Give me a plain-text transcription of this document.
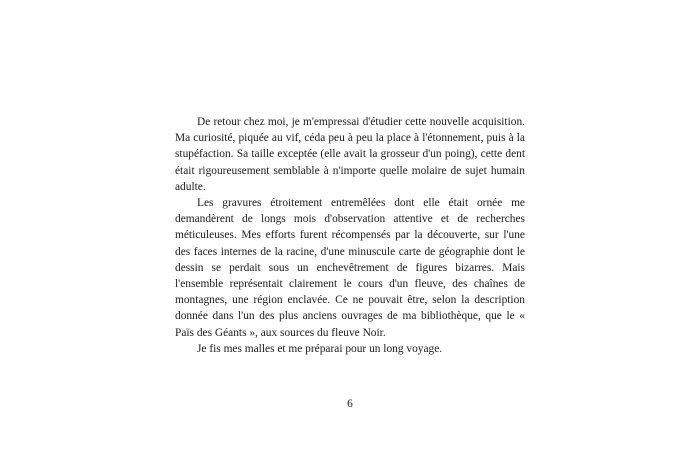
De retour chez moi, je m'empressai d'étudier cette nouvelle acquisition. Ma curiosité, piquée au vif, céda peu à peu la place à l'étonnement, puis à la stupéfaction. Sa taille exceptée (elle avait la grosseur d'un poing), cette dent était rigoureusement semblable à n'importe quelle molaire de sujet humain adulte.

Les gravures étroitement entremêlées dont elle était ornée me demandèrent de longs mois d'observation attentive et de recherches méticuleuses. Mes efforts furent récompensés par la découverte, sur l'une des faces internes de la racine, d'une minuscule carte de géographie dont le dessin se perdait sous un enchevêtrement de figures bizarres. Mais l'ensemble représentait clairement le cours d'un fleuve, des chaînes de montagnes, une région enclavée. Ce ne pouvait être, selon la description donnée dans l'un des plus anciens ouvrages de ma bibliothèque, que le « Païs des Géants », aux sources du fleuve Noir.

Je fis mes malles et me préparai pour un long voyage.

6
